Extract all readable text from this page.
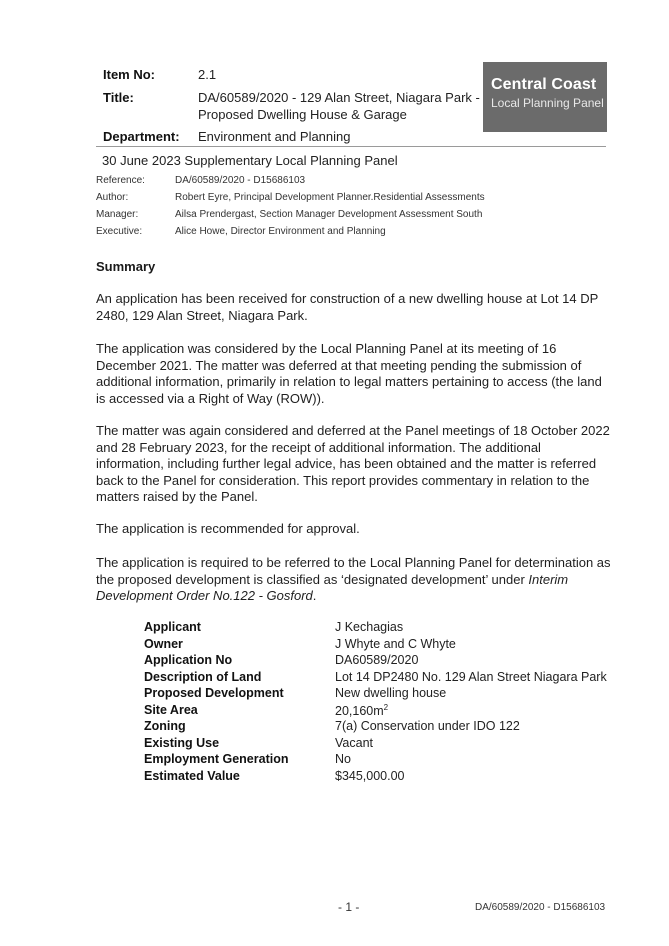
Item No:	2.1
Title:	DA/60589/2020 - 129 Alan Street, Niagara Park -
Proposed Dwelling House & Garage
Department: Environment and Planning
Central Coast
Local Planning Panel
30 June 2023 Supplementary Local Planning Panel
Reference:	DA/60589/2020 - D15686103
Author:	Robert Eyre, Principal Development Planner.Residential Assessments
Manager:	Ailsa Prendergast, Section Manager Development Assessment South
Executive:	Alice Howe, Director Environment and Planning
Summary
An application has been received for construction of a new dwelling house at Lot 14 DP 2480, 129 Alan Street, Niagara Park.
The application was considered by the Local Planning Panel at its meeting of 16 December 2021. The matter was deferred at that meeting pending the submission of additional information, primarily in relation to legal matters pertaining to access (the land is accessed via a Right of Way (ROW)).
The matter was again considered and deferred at the Panel meetings of 18 October 2022 and 28 February 2023, for the receipt of additional information. The additional information, including further legal advice, has been obtained and the matter is referred back to the Panel for consideration. This report provides commentary in relation to the matters raised by the Panel.
The application is recommended for approval.
The application is required to be referred to the Local Planning Panel for determination as the proposed development is classified as ‘designated development’ under Interim Development Order No.122 - Gosford.
Applicant	J Kechagias
Owner	J Whyte and C Whyte
Application No	DA60589/2020
Description of Land	Lot 14 DP2480 No. 129 Alan Street Niagara Park
Proposed Development	New dwelling house
Site Area	$20,160m^2$
Zoning	7(a) Conservation under IDO 122
Existing Use	Vacant
Employment Generation	No
Estimated Value	$345,000.00
- 1 -	DA/60589/2020 - D15686103
